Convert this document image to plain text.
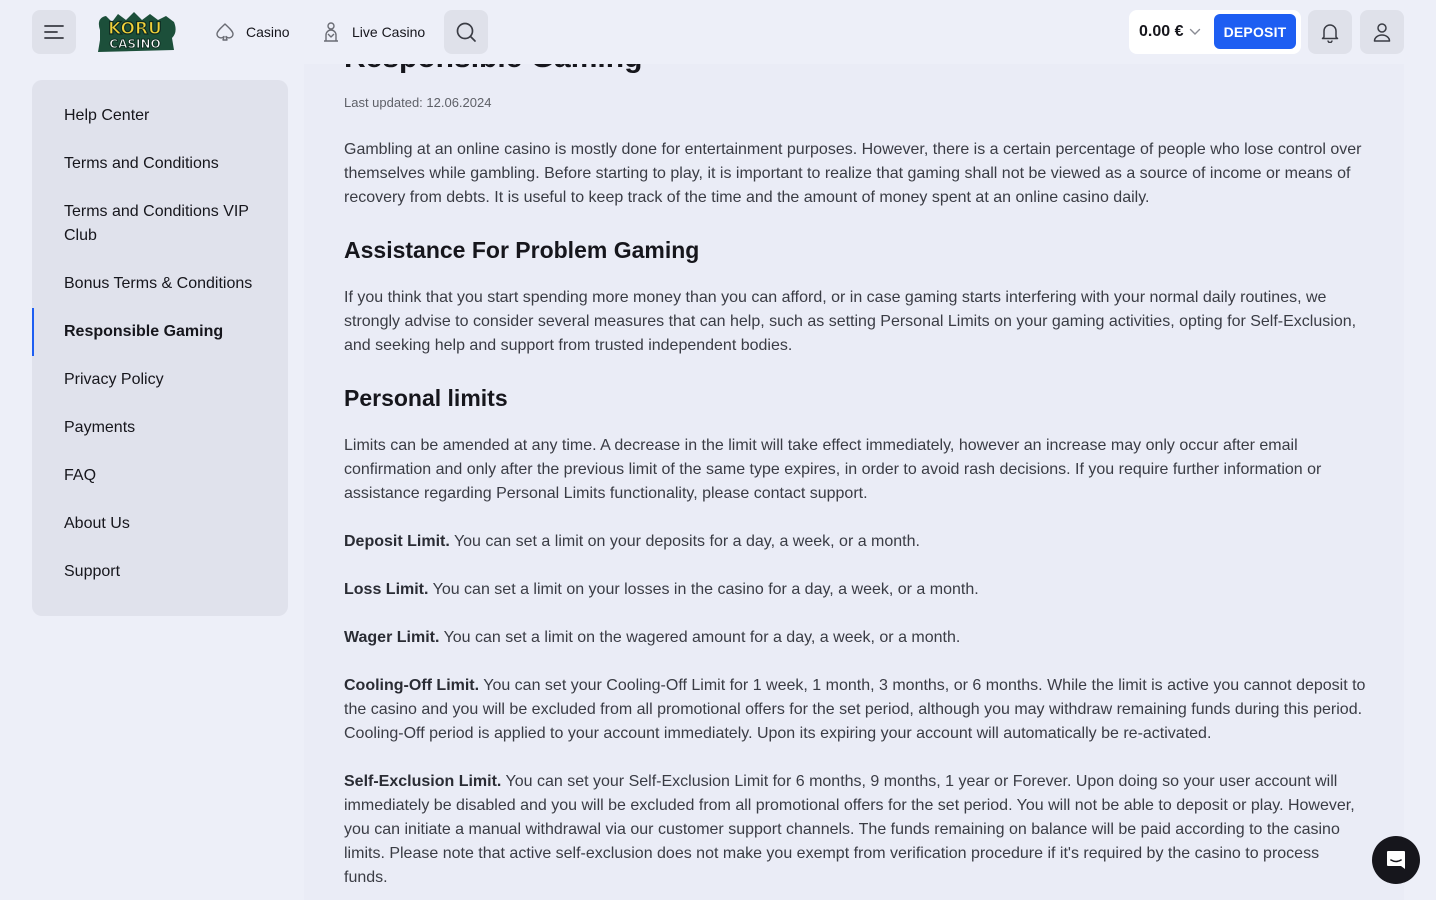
Last updated: 12.06.2024

Gambling at an online casino is mostly done for entertainment purposes. However, there is a certain percentage of people who lose control over themselves while gambling. Before starting to play, it is important to realize that gaming shall not be viewed as a source of income or means of recovery from debts. It is useful to keep track of the time and the amount of money spent at an online casino daily.

Assistance For Problem Gaming

If you think that you start spending more money than you can afford, or in case gaming starts interfering with your normal daily routines, we strongly advise to consider several measures that can help, such as setting Personal Limits on your gaming activities, opting for Self-Exclusion, and seeking help and support from trusted independent bodies.

Personal limits

Limits can be amended at any time. A decrease in the limit will take effect immediately, however an increase may only occur after email confirmation and only after the previous limit of the same type expires, in order to avoid rash decisions. If you require further information or assistance regarding Personal Limits functionality, please contact support.

Deposit Limit. You can set a limit on your deposits for a day, a week, or a month.

Loss Limit. You can set a limit on your losses in the casino for a day, a week, or a month.

Wager Limit. You can set a limit on the wagered amount for a day, a week, or a month.

Cooling-Off Limit. You can set your Cooling-Off Limit for 1 week, 1 month, 3 months, or 6 months. While the limit is active you cannot deposit to the casino and you will be excluded from all promotional offers for the set period, although you may withdraw remaining funds during this period. Cooling-Off period is applied to your account immediately. Upon its expiring your account will automatically be re-activated.

Self-Exclusion Limit. You can set your Self-Exclusion Limit for 6 months, 9 months, 1 year or Forever. Upon doing so your user account will immediately be disabled and you will be excluded from all promotional offers for the set period. You will not be able to deposit or play. However, you can initiate a manual withdrawal via our customer support channels. The funds remaining on balance will be paid according to the casino limits. Please note that active self-exclusion does not make you exempt from verification procedure if it's required by the casino to process funds.

KORU
CASINO
Casino	Live Casino	0.00 €	DEPOSIT
Help Center
Terms and Conditions
Terms and Conditions VIP Club
Bonus Terms & Conditions
Responsible Gaming
Privacy Policy
Payments
FAQ
About Us
Support
